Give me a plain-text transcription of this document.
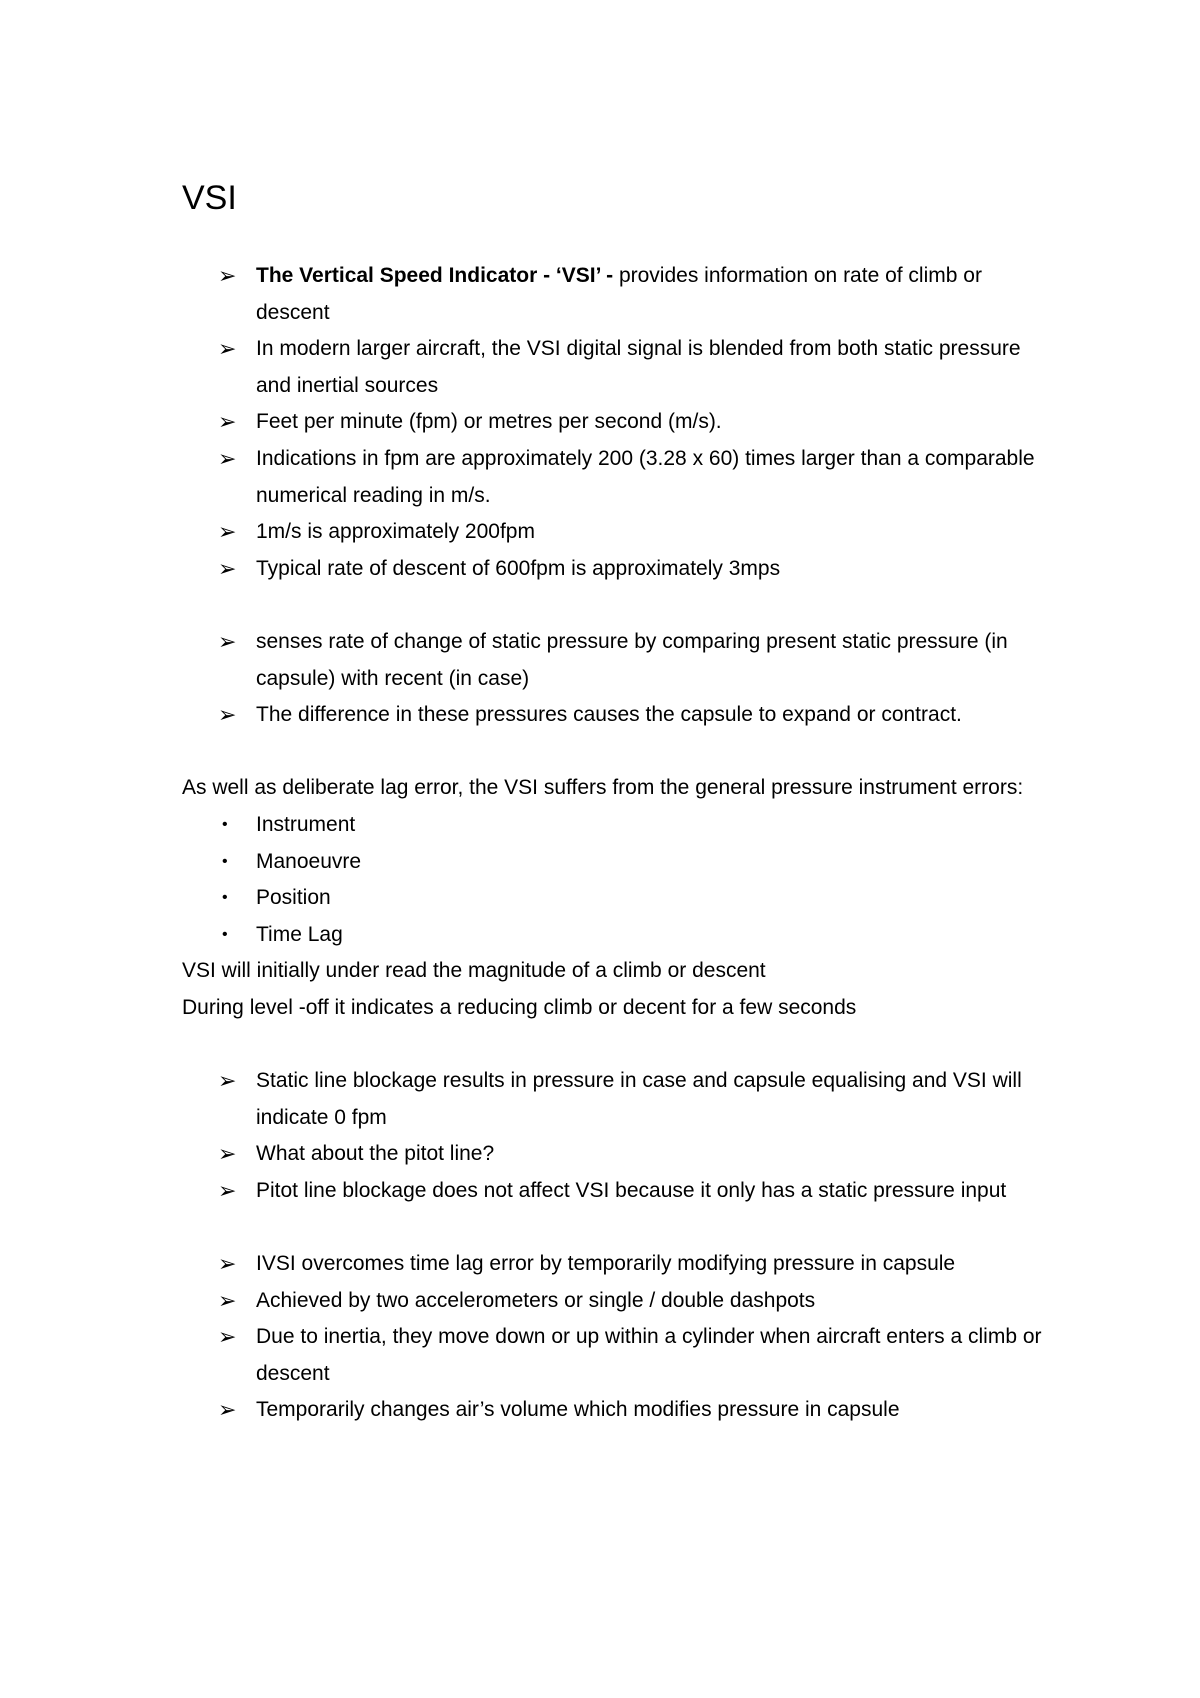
VSI
➢ The Vertical Speed Indicator - ‘VSI’ - provides information on rate of climb or descent
➢ In modern larger aircraft, the VSI digital signal is blended from both static pressure and inertial sources
➢ Feet per minute (fpm) or metres per second (m/s).
➢ Indications in fpm are approximately 200 (3.28 x 60) times larger than a comparable numerical reading in m/s.
➢ 1m/s is approximately 200fpm
➢ Typical rate of descent of 600fpm is approximately 3mps
➢ senses rate of change of static pressure by comparing present static pressure (in capsule) with recent (in case)
➢ The difference in these pressures causes the capsule to expand or contract.

As well as deliberate lag error, the VSI suffers from the general pressure instrument errors:

• Instrument
• Manoeuvre
• Position
• Time Lag

VSI will initially under read the magnitude of a climb or descent

During level -off it indicates a reducing climb or decent for a few seconds

➢ Static line blockage results in pressure in case and capsule equalising and VSI will indicate 0 fpm
➢ What about the pitot line?
➢ Pitot line blockage does not affect VSI because it only has a static pressure input
➢ IVSI overcomes time lag error by temporarily modifying pressure in capsule
➢ Achieved by two accelerometers or single / double dashpots
➢ Due to inertia, they move down or up within a cylinder when aircraft enters a climb or descent
➢ Temporarily changes air’s volume which modifies pressure in capsule
